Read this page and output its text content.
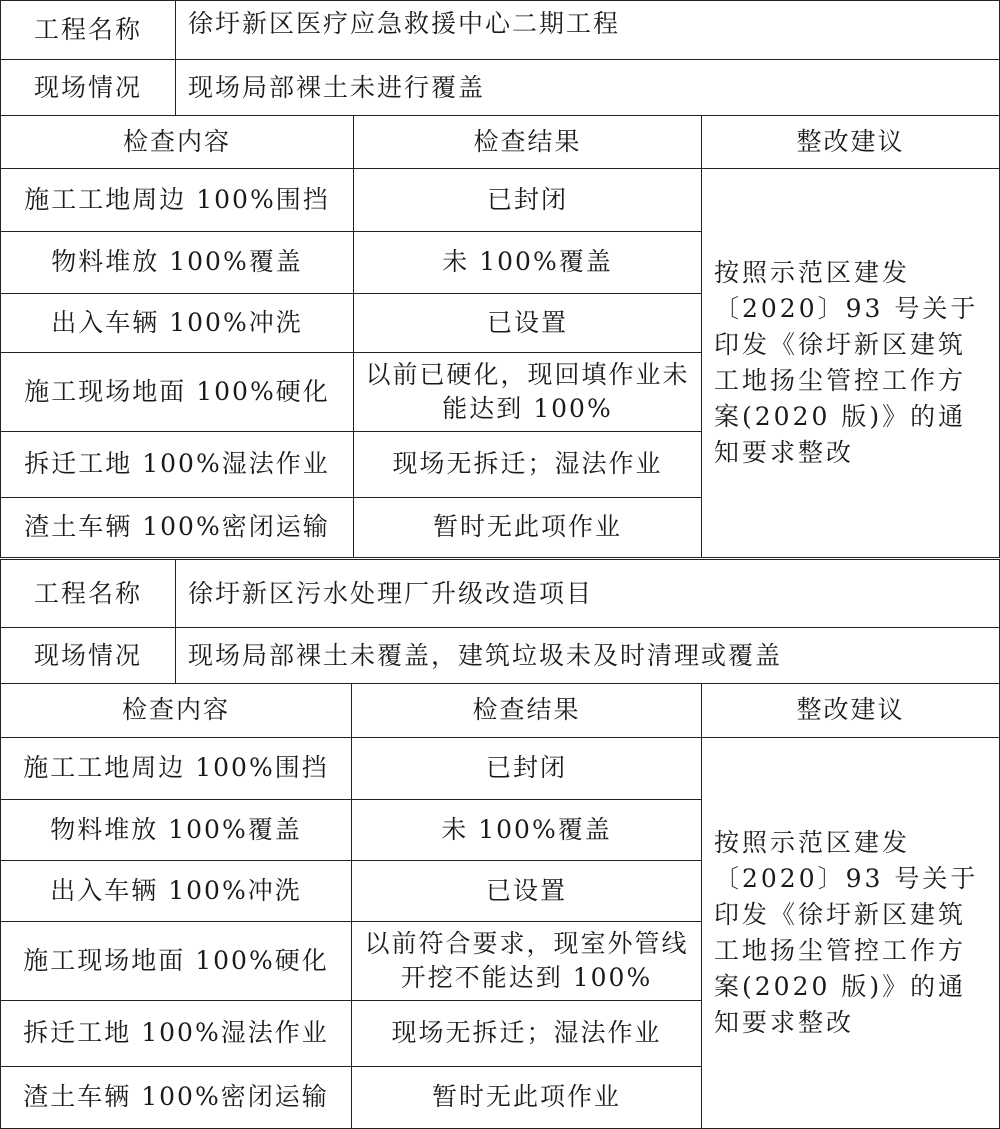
工程名称	徐圩新区医疗应急救援中心二期工程
现场情况	现场局部裸土未进行覆盖
检查内容	检查结果	整改建议
施工工地周边 100%围挡	已封闭	按照示范区建发〔2020〕93 号关于印发《徐圩新区建筑工地扬尘管控工作方案(2020 版)》的通知要求整改
物料堆放 100%覆盖	未 100%覆盖	
出入车辆 100%冲洗	已设置	
施工现场地面 100%硬化	以前已硬化，现回填作业未能达到 100%	
拆迁工地 100%湿法作业	现场无拆迁；湿法作业	
渣土车辆 100%密闭运输	暂时无此项作业	
工程名称	徐圩新区污水处理厂升级改造项目
现场情况	现场局部裸土未覆盖，建筑垃圾未及时清理或覆盖
检查内容	检查结果	整改建议
施工工地周边 100%围挡	已封闭	按照示范区建发〔2020〕93 号关于印发《徐圩新区建筑工地扬尘管控工作方案(2020 版)》的通知要求整改
物料堆放 100%覆盖	未 100%覆盖	
出入车辆 100%冲洗	已设置	
施工现场地面 100%硬化	以前符合要求，现室外管线开挖不能达到 100%	
拆迁工地 100%湿法作业	现场无拆迁；湿法作业	
渣土车辆 100%密闭运输	暂时无此项作业	
